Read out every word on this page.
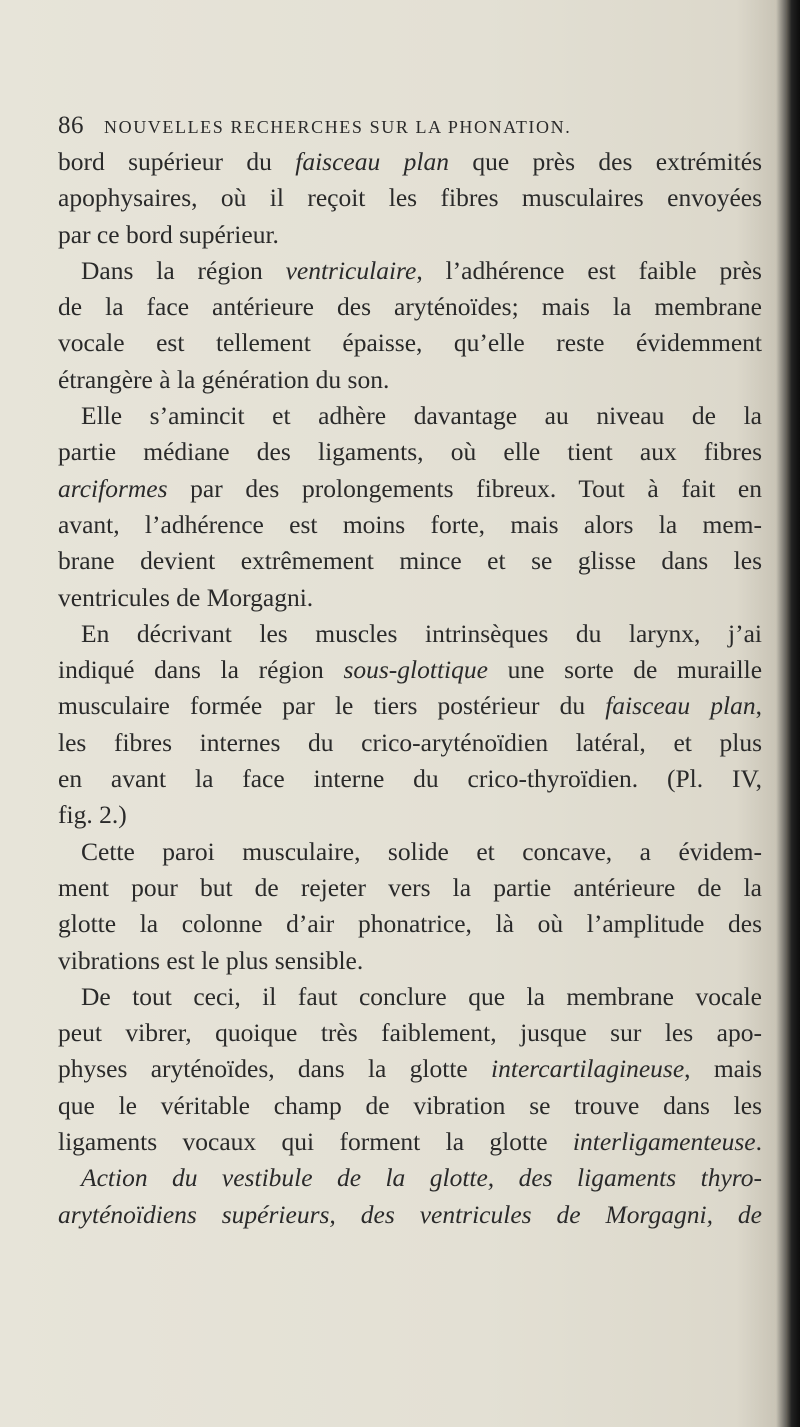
86 NOUVELLES RECHERCHES SUR LA PHONATION.
bord supérieur du faisceau plan que près des extrémités
apophysaires, où il reçoit les fibres musculaires envoyées
par ce bord supérieur.
Dans la région ventriculaire, l’adhérence est faible près
de la face antérieure des aryténoïdes; mais la membrane
vocale est tellement épaisse, qu’elle reste évidemment
étrangère à la génération du son.
Elle s’amincit et adhère davantage au niveau de la
partie médiane des ligaments, où elle tient aux fibres
arciformes par des prolongements fibreux. Tout à fait en
avant, l’adhérence est moins forte, mais alors la mem-
brane devient extrêmement mince et se glisse dans les
ventricules de Morgagni.
En décrivant les muscles intrinsèques du larynx, j’ai
indiqué dans la région sous-glottique une sorte de muraille
musculaire formée par le tiers postérieur du faisceau plan,
les fibres internes du crico-aryténoïdien latéral, et plus
en avant la face interne du crico-thyroïdien. (Pl. IV,
fig. 2.)
Cette paroi musculaire, solide et concave, a évidem-
ment pour but de rejeter vers la partie antérieure de la
glotte la colonne d’air phonatrice, là où l’amplitude des
vibrations est le plus sensible.
De tout ceci, il faut conclure que la membrane vocale
peut vibrer, quoique très faiblement, jusque sur les apo-
physes aryténoïdes, dans la glotte intercartilagineuse, mais
que le véritable champ de vibration se trouve dans les
ligaments vocaux qui forment la glotte interligamenteuse.
Action du vestibule de la glotte, des ligaments thyro-
aryténoïdiens supérieurs, des ventricules de Morgagni, de
